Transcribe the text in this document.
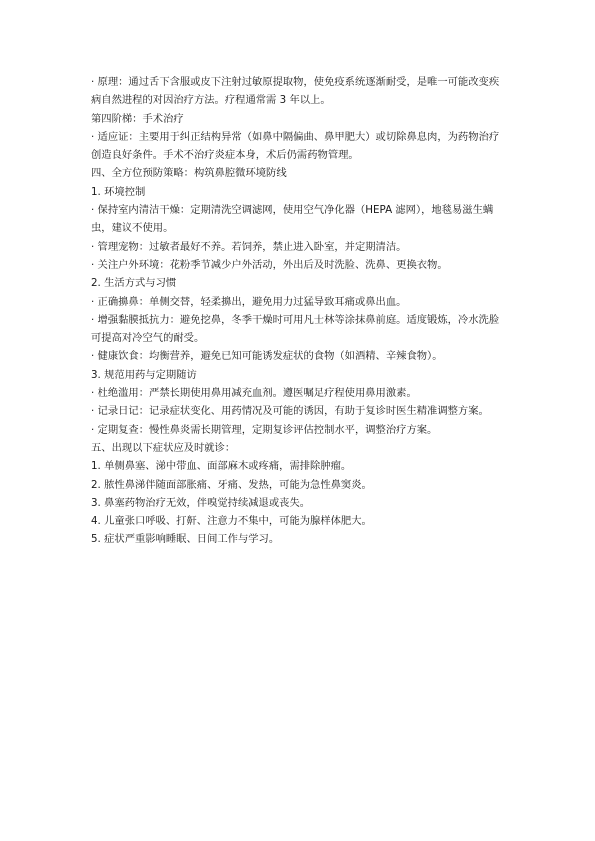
· 原理：通过舌下含服或皮下注射过敏原提取物，使免疫系统逐渐耐受，是唯一可能改变疾病自然进程的对因治疗方法。疗程通常需 3 年以上。
第四阶梯：手术治疗
· 适应证：主要用于纠正结构异常（如鼻中隔偏曲、鼻甲肥大）或切除鼻息肉，为药物治疗创造良好条件。手术不治疗炎症本身，术后仍需药物管理。
四、全方位预防策略：构筑鼻腔微环境防线
1. 环境控制
· 保持室内清洁干燥：定期清洗空调滤网，使用空气净化器（HEPA 滤网），地毯易滋生螨虫，建议不使用。
· 管理宠物：过敏者最好不养。若饲养，禁止进入卧室，并定期清洁。
· 关注户外环境：花粉季节减少户外活动，外出后及时洗脸、洗鼻、更换衣物。
2. 生活方式与习惯
· 正确擤鼻：单侧交替，轻柔擤出，避免用力过猛导致耳痛或鼻出血。
· 增强黏膜抵抗力：避免挖鼻，冬季干燥时可用凡士林等涂抹鼻前庭。适度锻炼，冷水洗脸可提高对冷空气的耐受。
· 健康饮食：均衡营养，避免已知可能诱发症状的食物（如酒精、辛辣食物）。
3. 规范用药与定期随访
· 杜绝滥用：严禁长期使用鼻用减充血剂。遵医嘱足疗程使用鼻用激素。
· 记录日记：记录症状变化、用药情况及可能的诱因，有助于复诊时医生精准调整方案。
· 定期复查：慢性鼻炎需长期管理，定期复诊评估控制水平，调整治疗方案。
五、出现以下症状应及时就诊：
1. 单侧鼻塞、涕中带血、面部麻木或疼痛，需排除肿瘤。
2. 脓性鼻涕伴随面部胀痛、牙痛、发热，可能为急性鼻窦炎。
3. 鼻塞药物治疗无效，伴嗅觉持续减退或丧失。
4. 儿童张口呼吸、打鼾、注意力不集中，可能为腺样体肥大。
5. 症状严重影响睡眠、日间工作与学习。
